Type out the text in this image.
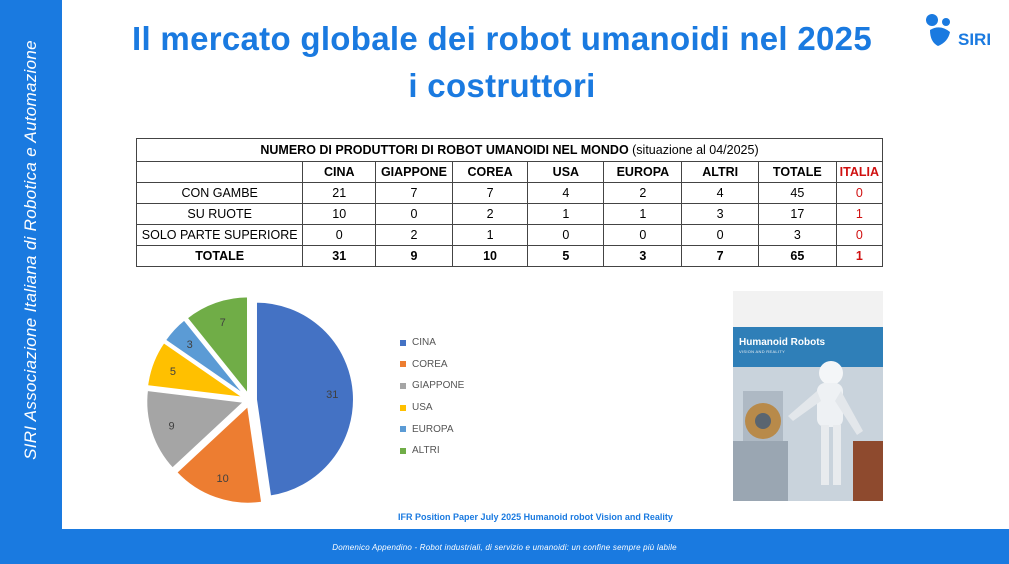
SIRI Associazione Italiana di Robotica e Automazione
Il mercato globale dei robot umanoidi nel 2025
i costruttori
SIRI
NUMERO DI PRODUTTORI DI ROBOT UMANOIDI NEL MONDO (situazione al 04/2025)								
	CINA	GIAPPONE	COREA	USA	EUROPA	ALTRI	TOTALE	ITALIA
CON GAMBE	21	7	7	4	2	4	45	0
SU RUOTE	10	0	2	1	1	3	17	1
SOLO PARTE SUPERIORE	0	2	1	0	0	0	3	0
TOTALE	31	9	10	5	3	7	65	1
31
10
9
5
3
7
CINA
COREA
GIAPPONE
USA
EUROPA
ALTRI
Humanoid Robots
VISION AND REALITY
IFR Position Paper July 2025 Humanoid robot Vision and Reality
Domenico Appendino - Robot industriali, di servizio e umanoidi: un confine sempre più labile
